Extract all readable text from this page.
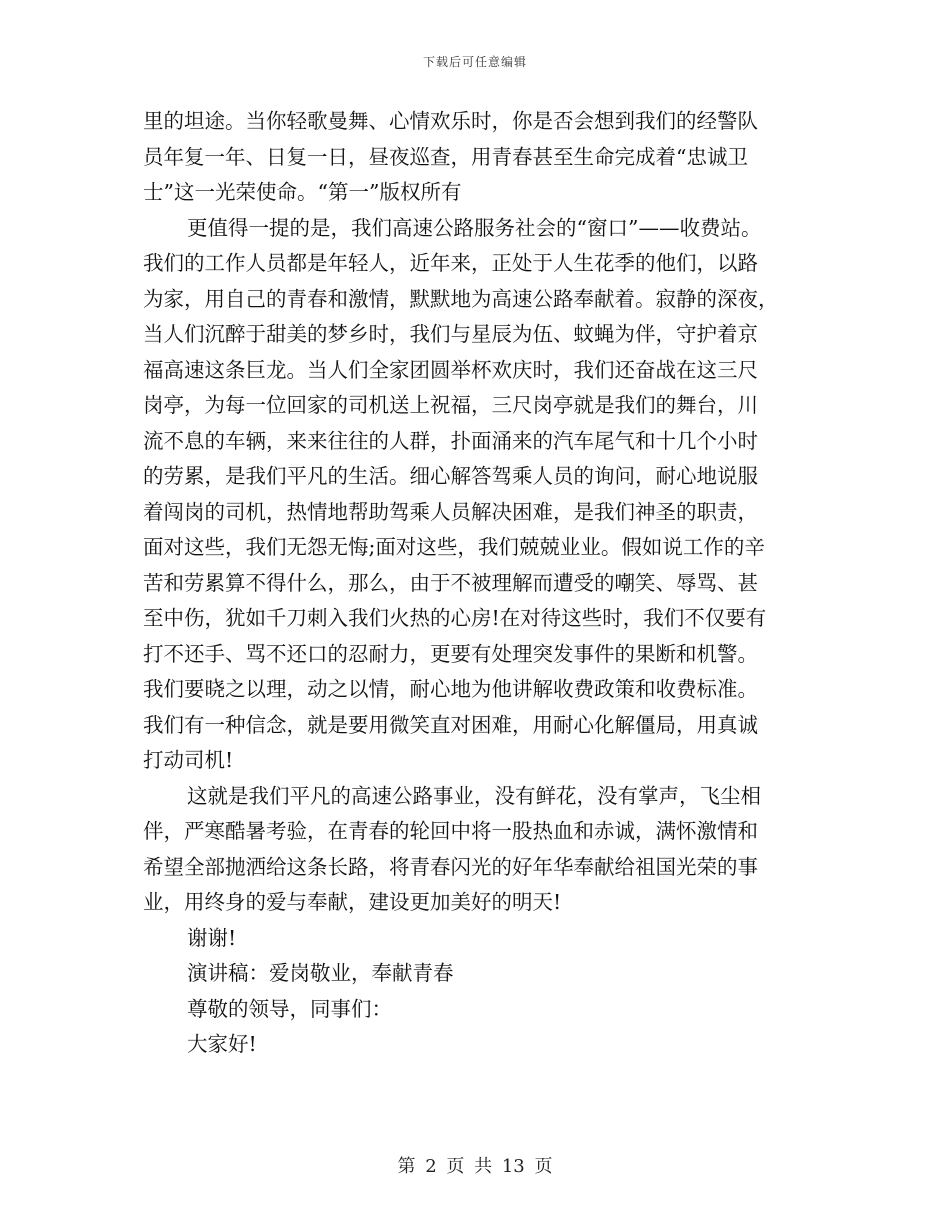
下载后可任意编辑
里的坦途。当你轻歌曼舞、心情欢乐时，你是否会想到我们的经警队
员年复一年、日复一日，昼夜巡查，用青春甚至生命完成着“忠诚卫
士”这一光荣使命。“第一”版权所有
更值得一提的是，我们高速公路服务社会的“窗口”——收费站。
我们的工作人员都是年轻人，近年来，正处于人生花季的他们，以路
为家，用自己的青春和激情，默默地为高速公路奉献着。寂静的深夜，
当人们沉醉于甜美的梦乡时，我们与星辰为伍、蚊蝇为伴，守护着京
福高速这条巨龙。当人们全家团圆举杯欢庆时，我们还奋战在这三尺
岗亭，为每一位回家的司机送上祝福，三尺岗亭就是我们的舞台，川
流不息的车辆，来来往往的人群，扑面涌来的汽车尾气和十几个小时
的劳累，是我们平凡的生活。细心解答驾乘人员的询问，耐心地说服
着闯岗的司机，热情地帮助驾乘人员解决困难，是我们神圣的职责，
面对这些，我们无怨无悔;面对这些，我们兢兢业业。假如说工作的辛
苦和劳累算不得什么，那么，由于不被理解而遭受的嘲笑、辱骂、甚
至中伤，犹如千刀刺入我们火热的心房!在对待这些时，我们不仅要有
打不还手、骂不还口的忍耐力，更要有处理突发事件的果断和机警。
我们要晓之以理，动之以情，耐心地为他讲解收费政策和收费标准。
我们有一种信念，就是要用微笑直对困难，用耐心化解僵局，用真诚
打动司机!
这就是我们平凡的高速公路事业，没有鲜花，没有掌声，飞尘相
伴，严寒酷暑考验，在青春的轮回中将一股热血和赤诚，满怀激情和
希望全部抛洒给这条长路，将青春闪光的好年华奉献给祖国光荣的事
业，用终身的爱与奉献，建设更加美好的明天!
谢谢!
演讲稿：爱岗敬业，奉献青春
尊敬的领导，同事们：
大家好!
第 2 页 共 13 页
